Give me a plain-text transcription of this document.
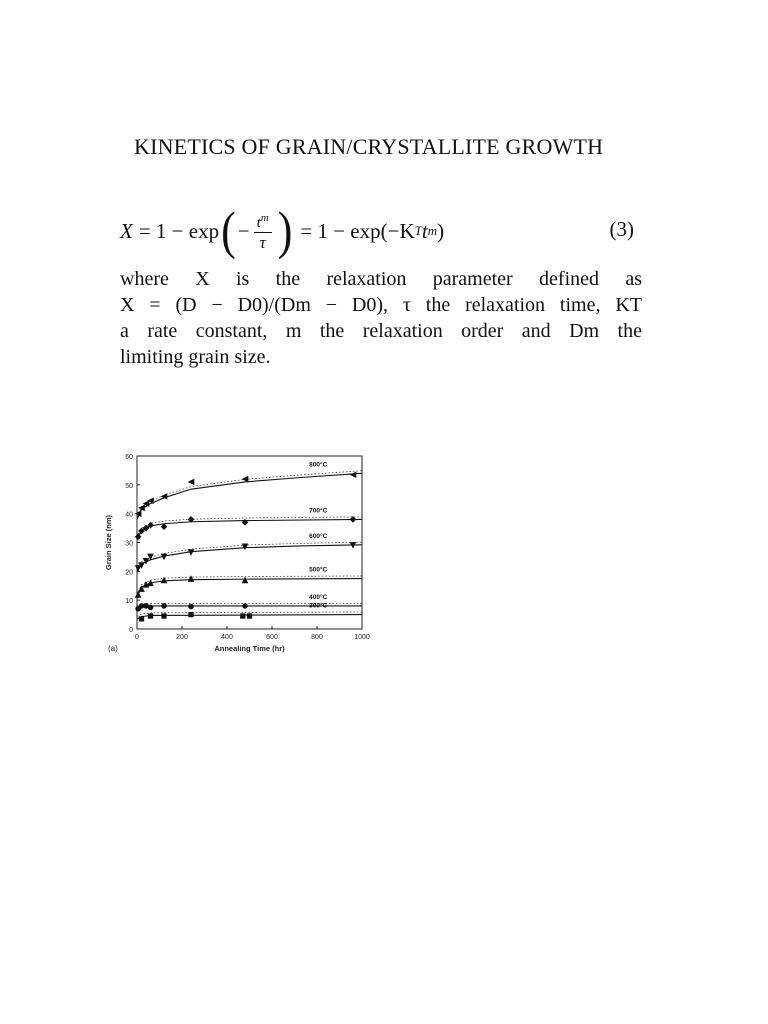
KINETICS OF GRAIN/CRYSTALLITE GROWTH
X = 1 − exp ( − $\frac{t^m}{\tau}$ ) = 1 − exp(−K T t m )	(3)
where X is the relaxation parameter defined as
X = (D − D0)/(Dm − D0), τ the relaxation time, KT
a rate constant, m the relaxation order and Dm the
limiting grain size.
0
10
20
30
40
50
60
0	200	400	600	800	1000
Annealing Time (hr)
Grain Size (nm)
(a)
800°C
700°C
600°C
500°C
400°C
300°C
